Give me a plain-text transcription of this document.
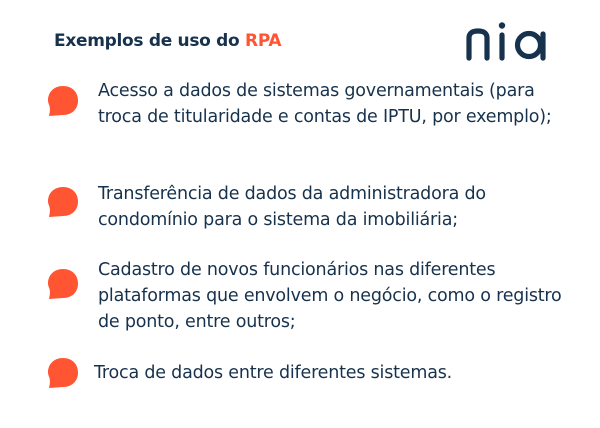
Exemplos de uso do RPA
Acesso a dados de sistemas governamentais (para troca de titularidade e contas de IPTU, por exemplo);
Transferência de dados da administradora do condomínio para o sistema da imobiliária;
Cadastro de novos funcionários nas diferentes plataformas que envolvem o negócio, como o registro de ponto, entre outros;
Troca de dados entre diferentes sistemas.
